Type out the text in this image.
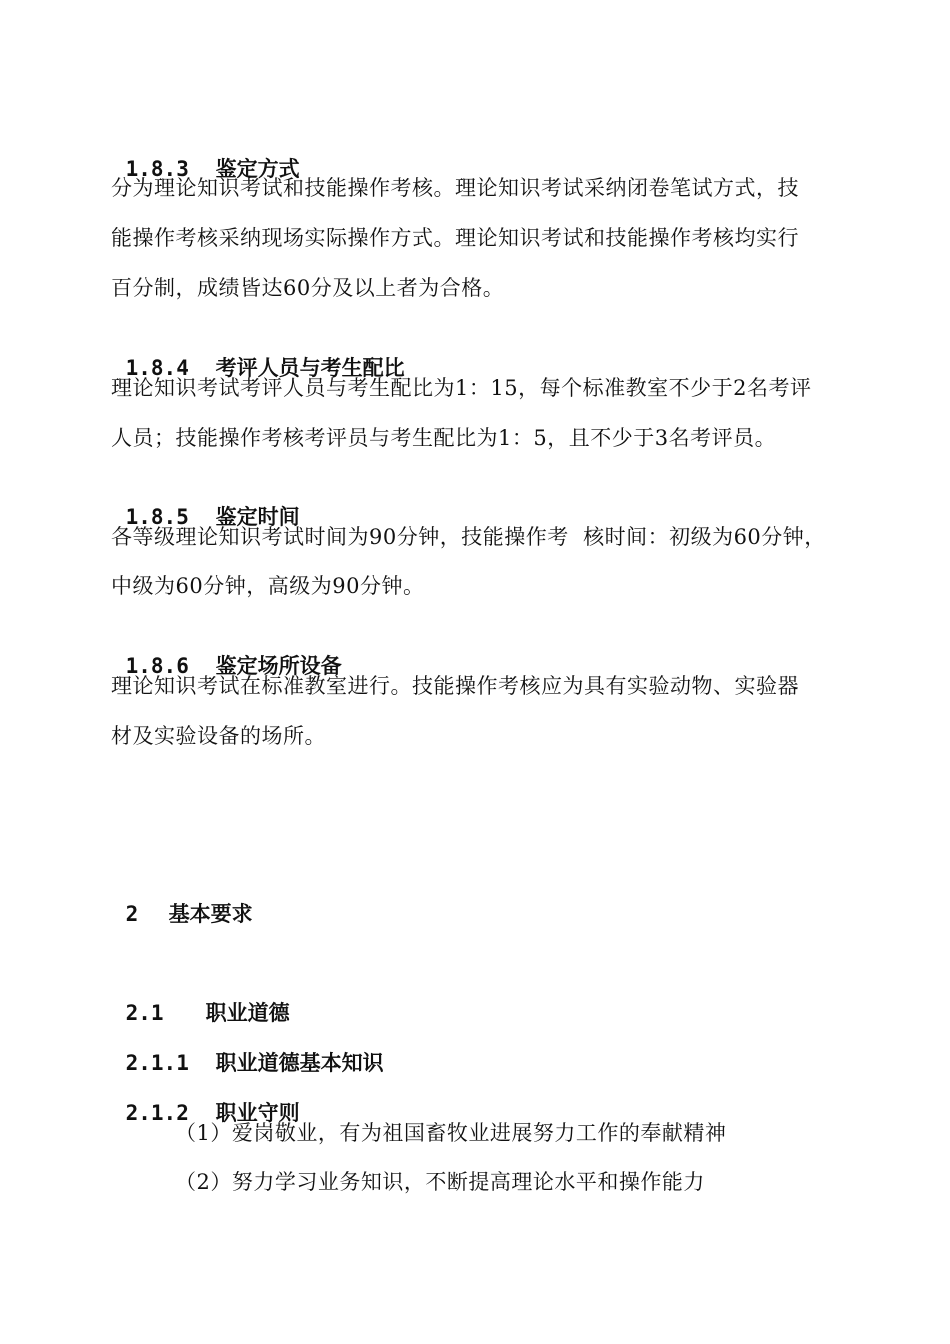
1.8.3 鉴定方式

分为理论知识考试和技能操作考核。理论知识考试采纳闭卷笔试方式，技
能操作考核采纳现场实际操作方式。理论知识考试和技能操作考核均实行
百分制，成绩皆达60分及以上者为合格。

1.8.4 考评人员与考生配比

理论知识考试考评人员与考生配比为1：15，每个标准教室不少于2名考评
人员；技能操作考核考评员与考生配比为1：5，且不少于3名考评员。

1.8.5 鉴定时间

各等级理论知识考试时间为90分钟，技能操作考  核时间：初级为60分钟，
中级为60分钟，高级为90分钟。

1.8.6 鉴定场所设备

理论知识考试在标准教室进行。技能操作考核应为具有实验动物、实验器
材及实验设备的场所。

2 基本要求

2.1 职业道德

2.1.1 职业道德基本知识

2.1.2 职业守则

（1）爱岗敬业，有为祖国畜牧业进展努力工作的奉献精神
（2）努力学习业务知识，不断提高理论水平和操作能力
